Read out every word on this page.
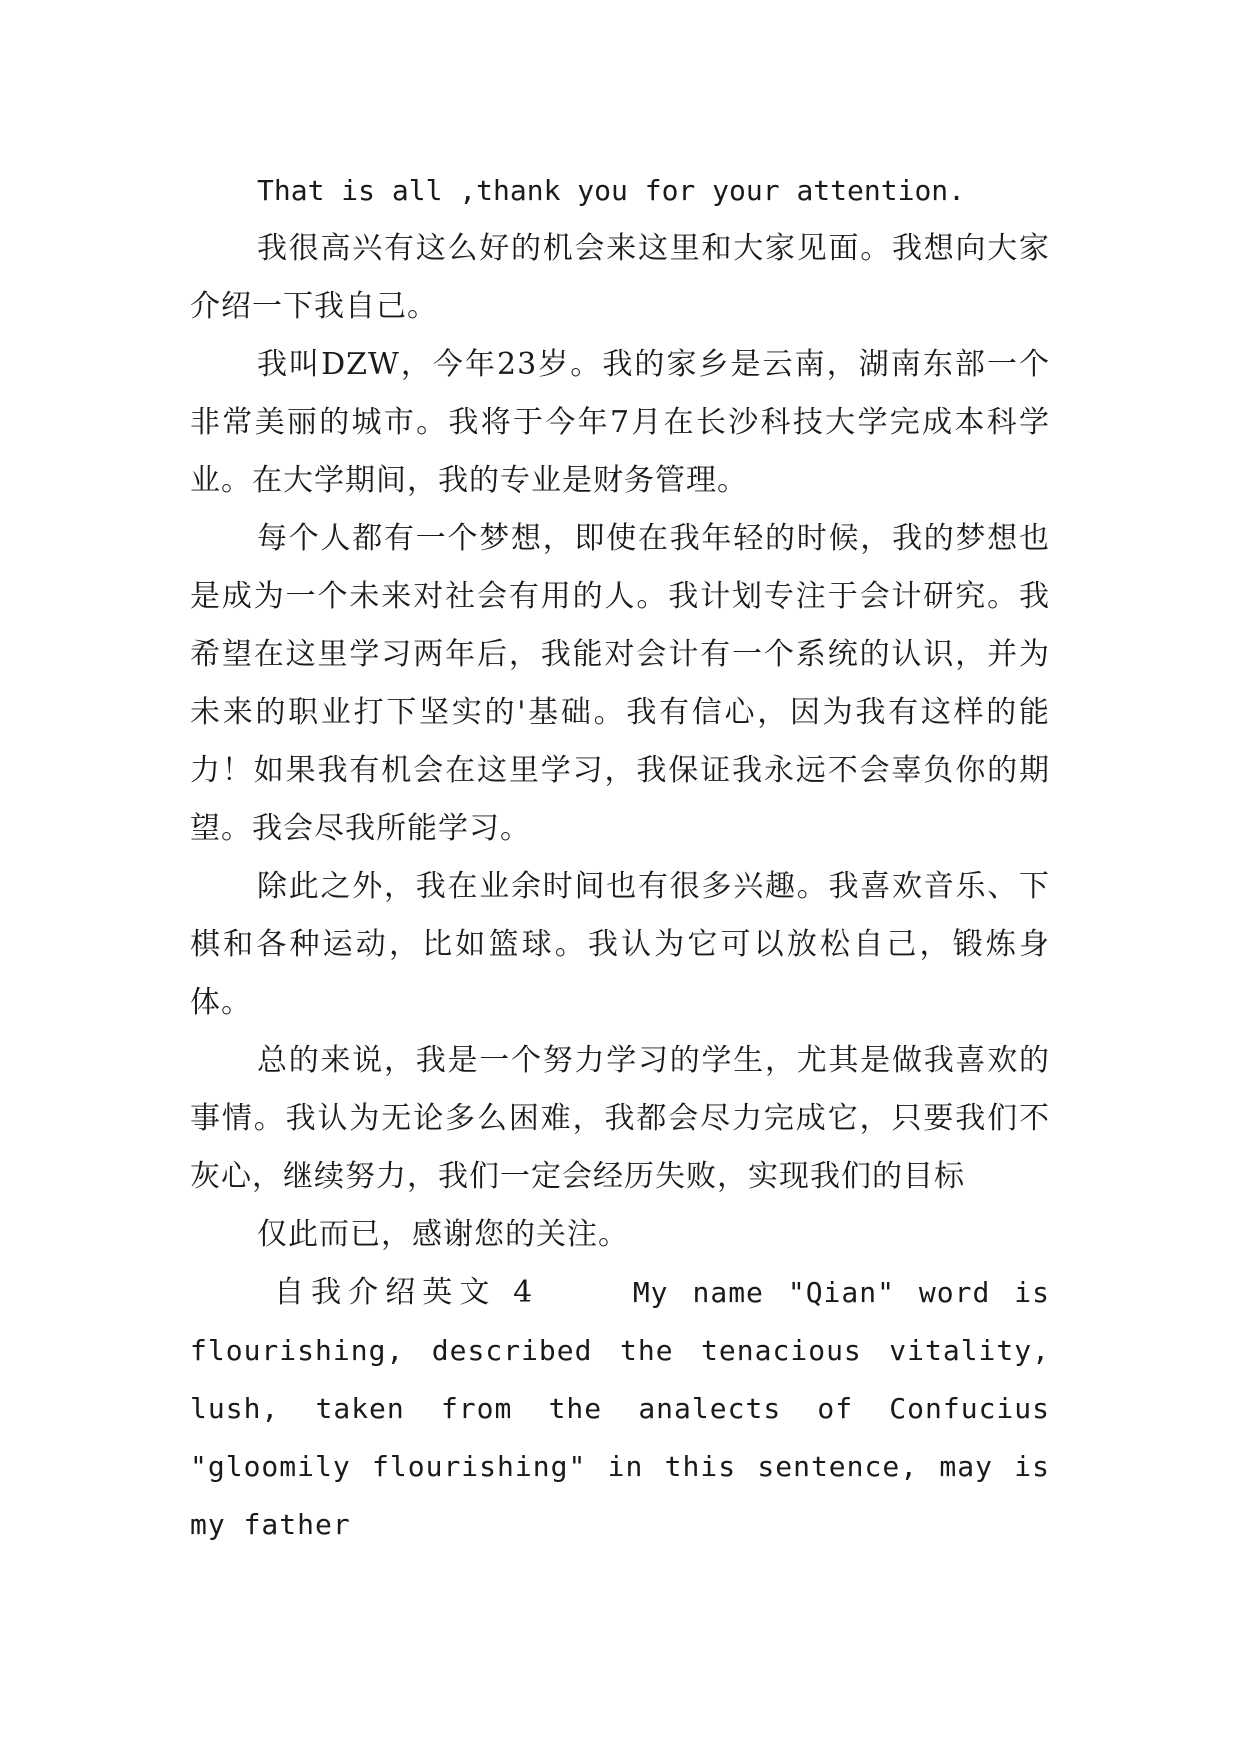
That is all ,thank you for your attention.

我很高兴有这么好的机会来这里和大家见面。我想向大家介绍一下我自己。

我叫DZW，今年23岁。我的家乡是云南，湖南东部一个非常美丽的城市。我将于今年7月在长沙科技大学完成本科学业。在大学期间，我的专业是财务管理。

每个人都有一个梦想，即使在我年轻的时候，我的梦想也是成为一个未来对社会有用的人。我计划专注于会计研究。我希望在这里学习两年后，我能对会计有一个系统的认识，并为未来的职业打下坚实的'基础。我有信心，因为我有这样的能力！如果我有机会在这里学习，我保证我永远不会辜负你的期望。我会尽我所能学习。

除此之外，我在业余时间也有很多兴趣。我喜欢音乐、下棋和各种运动，比如篮球。我认为它可以放松自己，锻炼身体。

总的来说，我是一个努力学习的学生，尤其是做我喜欢的事情。我认为无论多么困难，我都会尽力完成它，只要我们不灰心，继续努力，我们一定会经历失败，实现我们的目标

仅此而已，感谢您的关注。

自我介绍英文 4	My name "Qian" word is flourishing, described the tenacious vitality, lush, taken from the analects of Confucius "gloomily flourishing" in this sentence, may is my father
